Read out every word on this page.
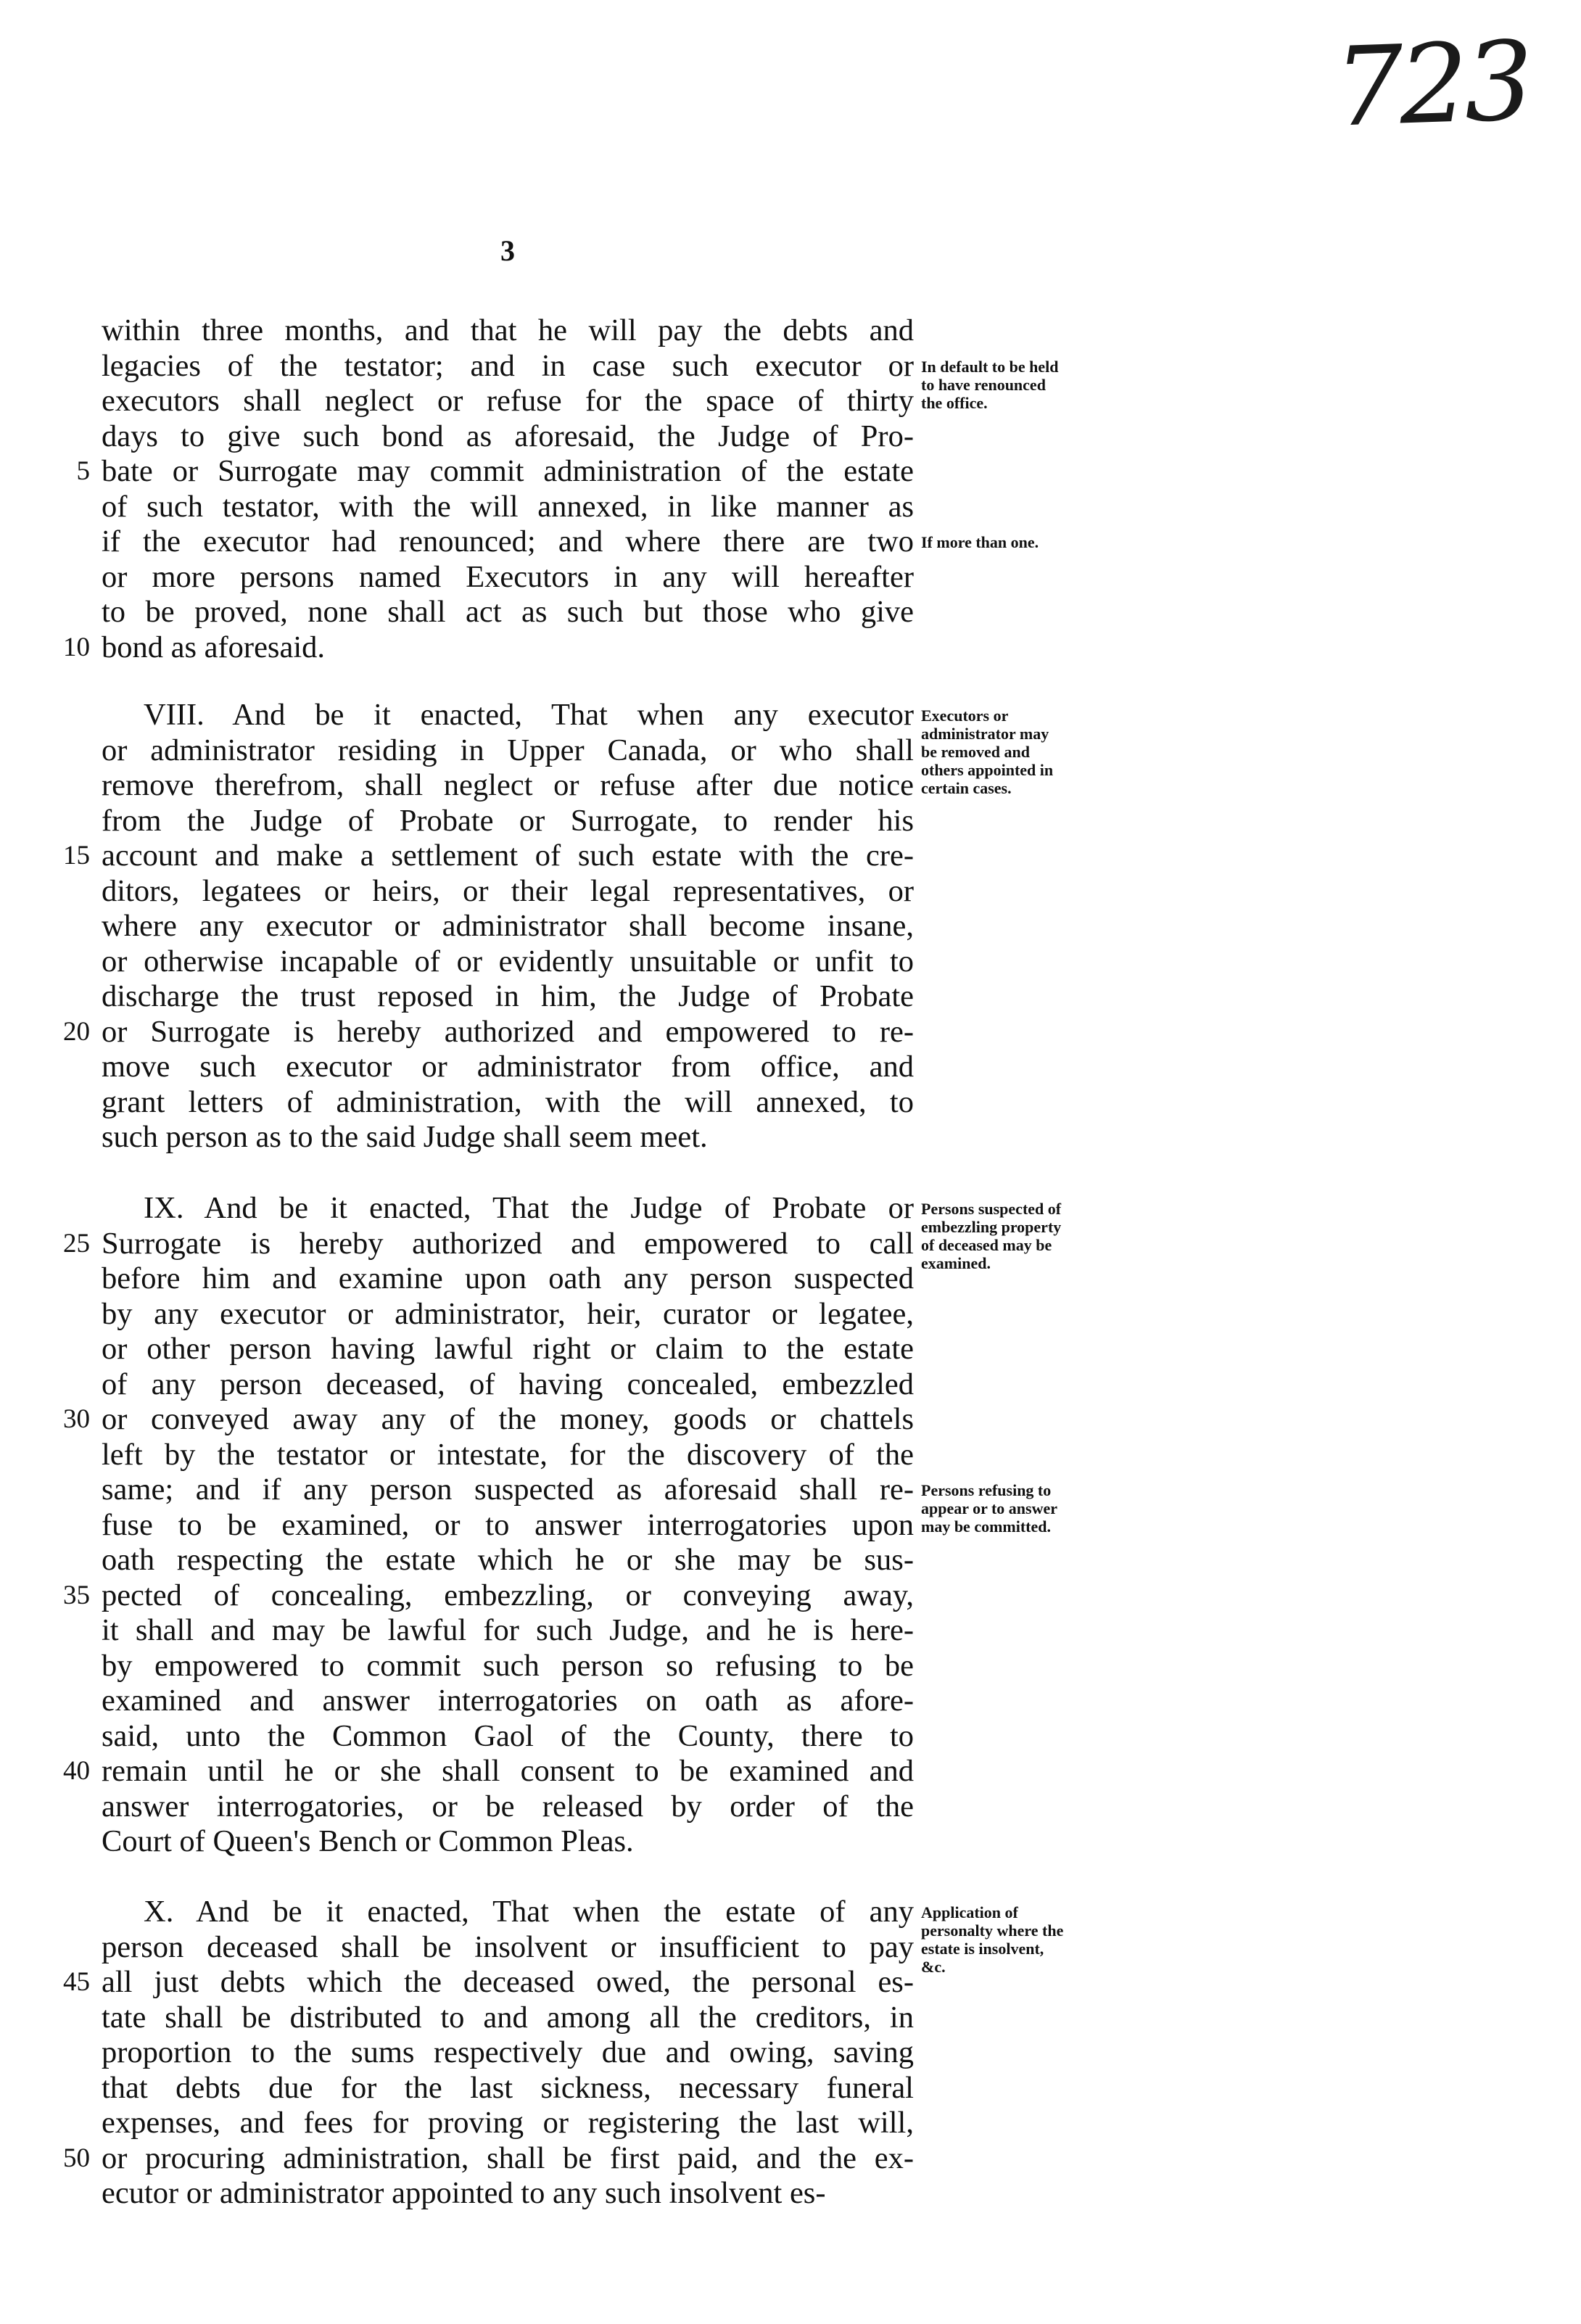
723
3
within three months, and that he will pay the debts and
legacies of the testator; and in case such executor or
executors shall neglect or refuse for the space of thirty
days to give such bond as aforesaid, the Judge of Pro-
5 bate or Surrogate may commit administration of the estate
of such testator, with the will annexed, in like manner as
if the executor had renounced; and where there are two
or more persons named Executors in any will hereafter
to be proved, none shall act as such but those who give
10 bond as aforesaid.
In default to be held to have renounced the office.
If more than one.
VIII. And be it enacted, That when any executor
or administrator residing in Upper Canada, or who shall
remove therefrom, shall neglect or refuse after due notice
from the Judge of Probate or Surrogate, to render his
15 account and make a settlement of such estate with the cre-
ditors, legatees or heirs, or their legal representatives, or
where any executor or administrator shall become insane,
or otherwise incapable of or evidently unsuitable or unfit to
discharge the trust reposed in him, the Judge of Probate
20 or Surrogate is hereby authorized and empowered to re-
move such executor or administrator from office, and
grant letters of administration, with the will annexed, to
such person as to the said Judge shall seem meet.
Executors or administrator may be removed and others appointed in certain cases.
IX. And be it enacted, That the Judge of Probate or
25 Surrogate is hereby authorized and empowered to call
before him and examine upon oath any person suspected
by any executor or administrator, heir, curator or legatee,
or other person having lawful right or claim to the estate
of any person deceased, of having concealed, embezzled
30 or conveyed away any of the money, goods or chattels
left by the testator or intestate, for the discovery of the
same; and if any person suspected as aforesaid shall re-
fuse to be examined, or to answer interrogatories upon
oath respecting the estate which he or she may be sus-
35 pected of concealing, embezzling, or conveying away,
it shall and may be lawful for such Judge, and he is here-
by empowered to commit such person so refusing to be
examined and answer interrogatories on oath as afore-
said, unto the Common Gaol of the County, there to
40 remain until he or she shall consent to be examined and
answer interrogatories, or be released by order of the
Court of Queen's Bench or Common Pleas.
Persons suspected of embezzling property of deceased may be examined.
Persons refusing to appear or to answer may be committed.
X. And be it enacted, That when the estate of any
person deceased shall be insolvent or insufficient to pay
45 all just debts which the deceased owed, the personal es-
tate shall be distributed to and among all the creditors, in
proportion to the sums respectively due and owing, saving
that debts due for the last sickness, necessary funeral
expenses, and fees for proving or registering the last will,
50 or procuring administration, shall be first paid, and the ex-
ecutor or administrator appointed to any such insolvent es-
Application of personalty where the estate is insolvent, &c.
